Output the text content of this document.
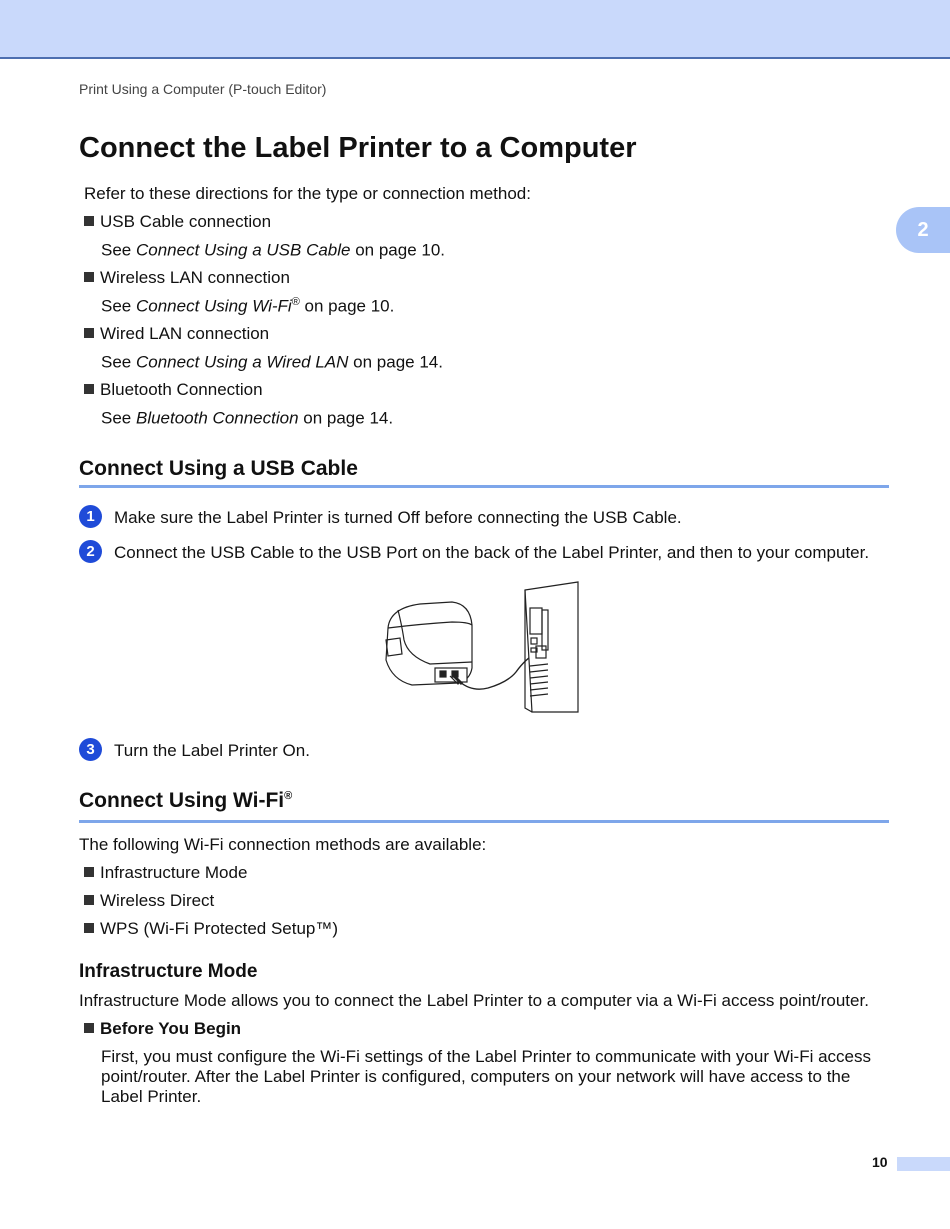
Print Using a Computer (P-touch Editor)
2
Connect the Label Printer to a Computer
Refer to these directions for the type or connection method:
USB Cable connection
See Connect Using a USB Cable on page 10.
Wireless LAN connection
See Connect Using Wi-Fi® on page 10.
Wired LAN connection
See Connect Using a Wired LAN on page 14.
Bluetooth Connection
See Bluetooth Connection on page 14.
Connect Using a USB Cable
1	Make sure the Label Printer is turned Off before connecting the USB Cable.
2	Connect the USB Cable to the USB Port on the back of the Label Printer, and then to your computer.
3	Turn the Label Printer On.
Connect Using Wi-Fi®
The following Wi-Fi connection methods are available:
Infrastructure Mode
Wireless Direct
WPS (Wi-Fi Protected Setup™)
Infrastructure Mode
Infrastructure Mode allows you to connect the Label Printer to a computer via a Wi-Fi access point/router.
Before You Begin
First, you must configure the Wi-Fi settings of the Label Printer to communicate with your Wi-Fi access point/router. After the Label Printer is configured, computers on your network will have access to the Label Printer.
10
